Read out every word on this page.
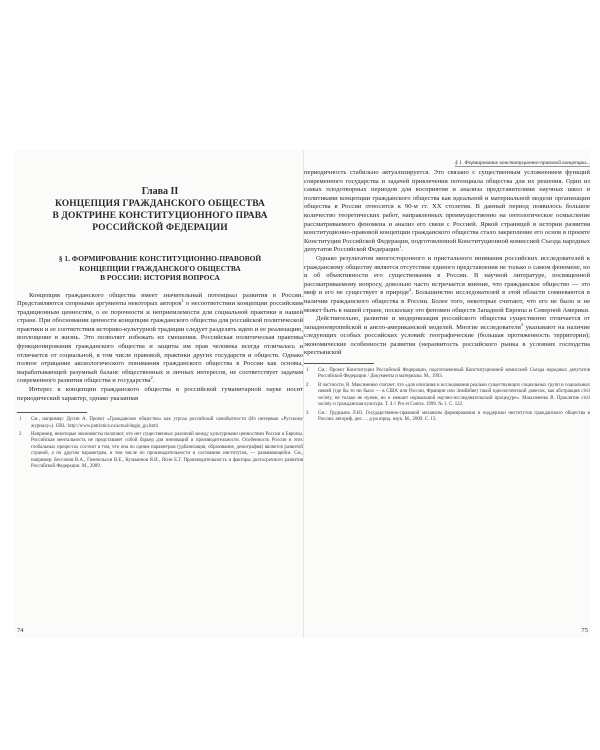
Глава II

КОНЦЕПЦИЯ ГРАЖДАНСКОГО ОБЩЕСТВА
В ДОКТРИНЕ КОНСТИТУЦИОННОГО ПРАВА
РОССИЙСКОЙ ФЕДЕРАЦИИ
§ 1. ФОРМИРОВАНИЕ КОНСТИТУЦИОННО-ПРАВОВОЙ
КОНЦЕПЦИИ ГРАЖДАНСКОГО ОБЩЕСТВА
В РОССИИ: ИСТОРИЯ ВОПРОСА

Концепция гражданского общества имеет значительный потенциал развития в России. Представляются спорными аргументы некоторых авторов$^1$ о несоответствии концепции российским традиционным ценностям, о ее порочности и неприемлемости для социальной практики в нашей стране. При обосновании ценности концепции гражданского общества для российской политической практики и ее соответствия историко-культурной традиции следует разделять идею и ее реализацию, воплощение в жизнь. Это позволяет избежать их смешения. Российская политическая практика функционирования гражданского общества и защиты им прав человека всегда отличалась и отличается от социальной, в том числе правовой, практики других государств и обществ. Однако полное отрицание аксиологического понимания гражданского общества в России как основы, вырабатывающей разумный баланс общественных и личных интересов, не соответствует задачам современного развития общества и государства$^2$.

Интерес к концепции гражданского общества в российской гуманитарной науке носит периодический характер, однако указанная

1	См., например: Дугин А. Проект «Гражданское общество» как угроза российской самобытности (Из интервью «Русскому журналу»). URL: http://www.patriotica.ru/actual/dugin_go.html
2	Например, некоторые экономисты полагают, что нет существенных различий между культурными ценностями России и Европы. Российская ментальность не представляет собой барьер для инноваций и производительности. Особенность России в этих глобальных процессах состоит в том, что она по одним параметрам (урбанизация, образование, демография) является развитой страной, а по другим параметрам, в том числе по производительности и состоянию институтов, — развивающейся. См., например: Бессонов В.А., Гимпельсон В.Е., Кузьминов Я.И., Ясин Е.Г. Производительность и факторы долгосрочного развития Российской Федерации. М., 2009.
74

§ 1. Формирование конституционно-правовой концепции...

периодичность стабильно актуализируется. Это связано с существенным усложнением функций современного государства и задачей привлечения потенциала общества для их решения. Один из самых плодотворных периодов для восприятия и анализа представителями научных школ и политиками концепции гражданского общества как идеальной и материальной модели организации общества в России относится к 90-м гг. XX столетия. В данный период появилось большое количество теоретических работ, направленных преимущественно на онтологическое осмысление рассматриваемого феномена и анализ его связи с Россией. Яркой страницей в истории развития конституционно-правовой концепции гражданского общества стало закрепление его основ в проекте Конституции Российской Федерации, подготовленной Конституционной комиссией Съезда народных депутатов Российской Федерации$^1$.

Однако результатом многосторонного и пристального внимания российских исследователей к гражданскому обществу является отсутствие единого представления не только о самом феномене, но и об объективности его существования в России. В научной литературе, посвященной рассматриваемому вопросу, довольно часто встречается мнение, что гражданское общество — это миф и его не существует в природе$^2$. Большинство исследователей в этой области сомневаются в наличии гражданского общества в России. Более того, некоторые считают, что его не было и не может быть в нашей стране, поскольку это феномен обществ Западной Европы и Северной Америки.

Действительно, развитие и модернизация российского общества существенно отличается от западноевропейской и англо-американской моделей. Многие исследователи$^3$ указывают на наличие следующих особых российских условий: географические (большая протяженность территории); экономические особенности развития (неразвитость российского рынка в условиях господства крестьянской

1	См.: Проект Конституции Российской Федерации, подготовленный Конституционной комиссией Съезда народных депутатов Российской Федерации / Документы и материалы. М., 1993.
2	В частности, В. Максименко считает, что «для описания и исследования реально существующих социальных групп и социальных связей (где бы то ни было — в США или России, Франции или Зимбабве) такой идеологический довесок, как абстракция civil society, не только не нужен, но и мешает нормальной научно-исследовательской процедуре». Максименко В. Проклятие civil society и гражданская культура. Т. 4 // Pro et Contra. 1999. № 1. С. 122.
3	См.: Грудцына Л.Ю. Государственно-правовой механизм формирования и поддержки институтов гражданского общества в России: автореф. дис. ... д-ра юрид. наук. М., 2009. С. 13.
75
